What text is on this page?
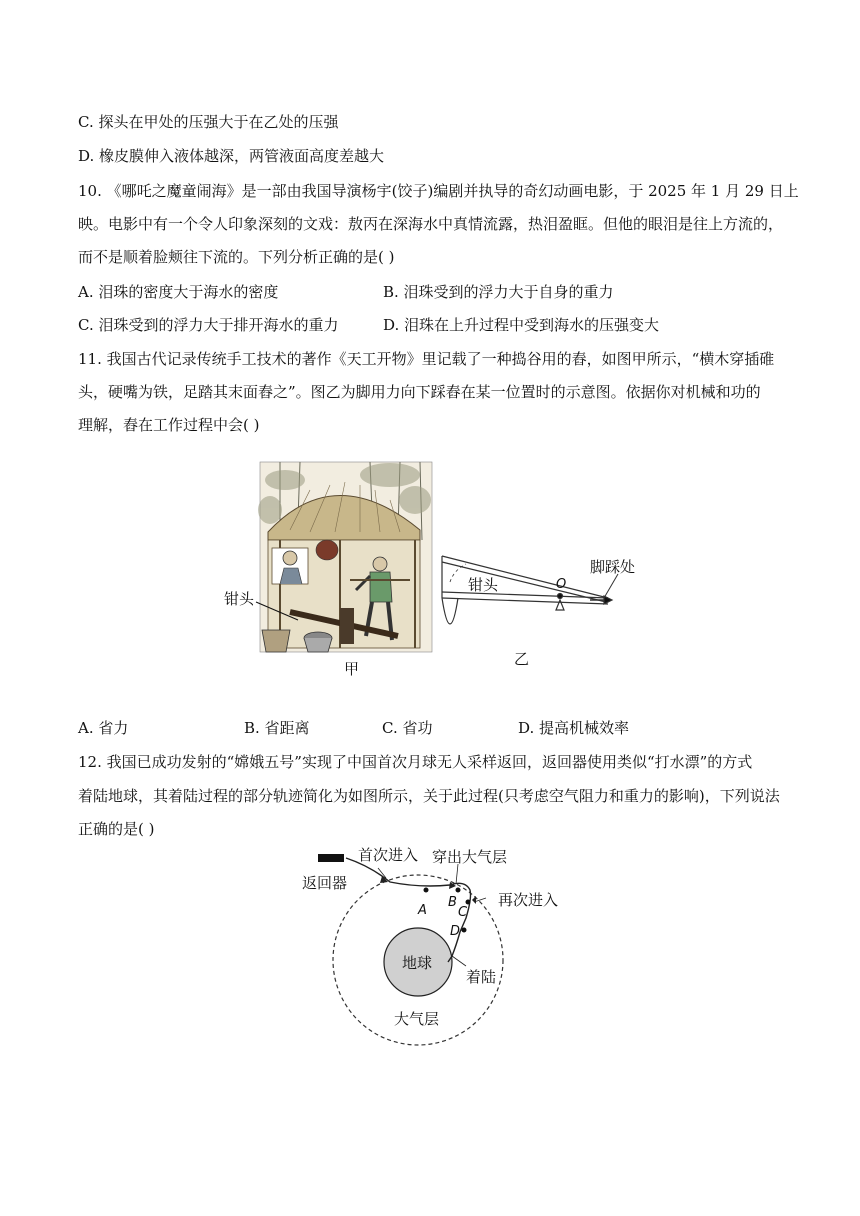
C. 探头在甲处的压强大于在乙处的压强
D. 橡皮膜伸入液体越深，两管液面高度差越大
10. 《哪吒之魔童闹海》是一部由我国导演杨宇(饺子)编剧并执导的奇幻动画电影，于 2025 年 1 月 29 日上
映。电影中有一个令人印象深刻的文戏：敖丙在深海水中真情流露，热泪盈眶。但他的眼泪是往上方流的，
而不是顺着脸颊往下流的。下列分析正确的是( )
A. 泪珠的密度大于海水的密度	B. 泪珠受到的浮力大于自身的重力
C. 泪珠受到的浮力大于排开海水的重力	D. 泪珠在上升过程中受到海水的压强变大
11. 我国古代记录传统手工技术的著作《天工开物》里记载了一种捣谷用的舂，如图甲所示，“横木穿插碓
头，硬嘴为铁，足踏其末面舂之”。图乙为脚用力向下踩舂在某一位置时的示意图。依据你对机械和功的
理解，舂在工作过程中会( )
钳头
甲
钳头	O
脚踩处
乙
A. 省力	B. 省距离	C. 省功	D. 提高机械效率
12. 我国已成功发射的“嫦娥五号”实现了中国首次月球无人采样返回，返回器使用类似“打水漂”的方式
着陆地球，其着陆过程的部分轨迹简化为如图所示，关于此过程(只考虑空气阻力和重力的影响)，下列说法
正确的是( )
首次进入 穿出大气层
返回器
再次进入
着陆
地球
大气层
A
B
C
D
